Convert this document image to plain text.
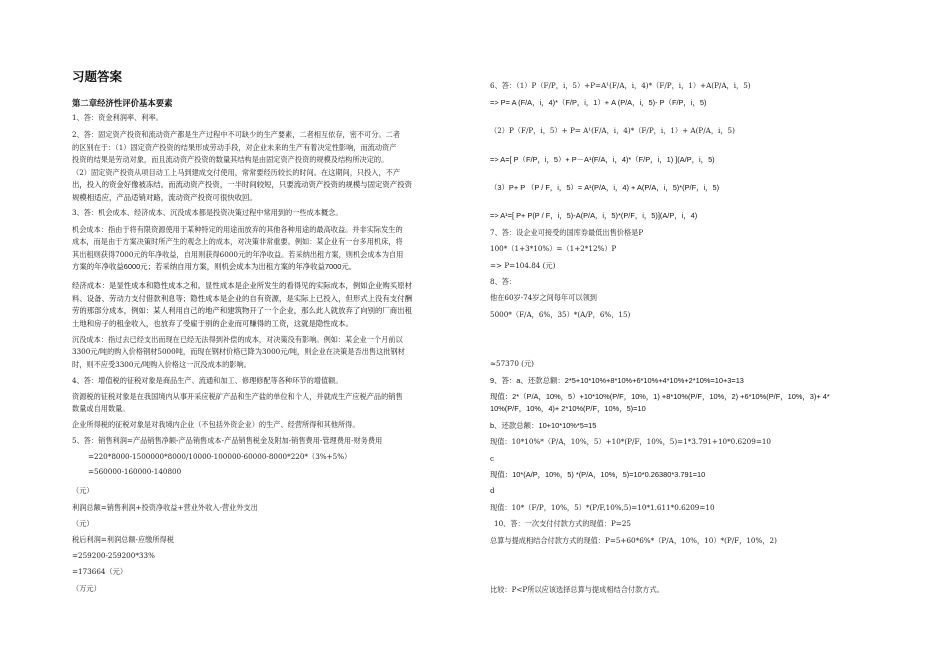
习题答案
第二章经济性评价基本要素
1、答：资金利润率、利率。
2、答：固定资产投资和流动资产都是生产过程中不可缺少的生产要素，二者相互依存，密不可分。二者
的区别在于：（1）固定资产投资的结果形成劳动手段，对企业未来的生产有着决定性影响，而流动资产
投资的结果是劳动对象，而且流动资产投资的数量其结构是由固定资产投资的规模及结构所决定的。
（2）固定资产投资从项目动工上马到建成交付使用，常常要经历较长的时间。在这期间，只投入，不产
出，投入的资金好像被冻结。而流动资产投资，一半时间较短，只要流动资产投资的规模与固定资产投资
规模相适应，产品适销对路，流动资产投资可很快收回。
3、答：机会成本、经济成本、沉没成本都是投资决策过程中常用到的一些成本概念。
机会成本：指由于将有限资源使用于某种特定的用途而放弃的其他各种用途的最高收益。并非实际发生的
成本，而是由于方案决策时所产生的观念上的成本，对决策非常重要。例如：某企业有一台多用机床，将
其出租则获得7000元的年净收益，自用则获得6000元的年净收益。若采纳出租方案，则机会成本为自用
方案的年净收益6000元；若采纳自用方案，则机会成本为出租方案的年净收益7000元。
经济成本：是显性成本和隐性成本之和。显性成本是企业所发生的看得见的实际成本，例如企业购买原材
料、设备、劳动力支付借款利息等；隐性成本是企业的自有资源，是实际上已投入，但形式上没有支付酬
劳的那部分成本，例如：某人利用自己的地产和建筑物开了一个企业，那么此人就放弃了向别的厂商出租
土地和房子的租金收入，也放弃了受雇于别的企业而可赚得的工资，这就是隐性成本。
沉没成本：指过去已经支出而现在已经无法得到补偿的成本，对决策没有影响。例如：某企业一个月前以
3300元/吨的购入价格钢材5000吨，而现在钢材价格已降为3000元/吨，则企业在决策是否出售这批钢材
时，则不应受3300元/吨购入价格这一沉没成本的影响。
4、答：增值税的征税对象是商品生产、流通和加工、修理修配等各种环节的增值额。
资源税的征税对象是在我国境内从事开采应税矿产品和生产盐的单位和个人，并就成生产应税产品的销售
数量或自用数量。
企业所得税的征税对象是对我境内企业（不包括外资企业）的生产、经营所得和其他所得。
5、答：销售利润=产品销售净额-产品销售成本-产品销售税金及附加-销售费用-管理费用-财务费用
=220*8000-1500000*8000/10000-100000-60000-8000*220*（3%+5%）
=560000-160000-140800
（元）
利润总额=销售利润+投资净收益+营业外收入-营业外支出
（元）
税后利润=利润总额-应缴所得税
=259200-259200*33%
=173664（元）
（万元）
6、答：（1）P（F/P，i，5）+P=A¹(F/A，i，4)*（F/P，i，1）+A(P/A，i，5)
=> P= A (F/A，i，4)*（F/P，i，1）+ A (P/A，i，5)- P（F/P，i，5)
（2）P（F/P，i，5）+ P= A¹(F/A，i，4)*（F/P，i，1）+ A(P/A，i，5)
=> A=[ P（F/P，i，5）+ P－A¹(F/A，i，4)*（F/P，i，1) ](A/P，i，5)
（3）P+ P （P / F，i，5）= A¹(P/A，i，4) + A(P/A，i，5)*(P/F，i，5)
=> A¹=[ P+ P(P / F，i，5)-A(P/A，i，5)*(P/F，i，5)](A/P，i，4)
7、答：设企业可接受的国库券最低出售价格是P
100*（1+3*10%）=（1+2*12%）P
=> P=104.84 (元)
8、答：
他在60岁-74岁之间每年可以领到
5000*（F/A，6%，35）*(A/P，6%，15)
≈57370 (元)
9、答：a、还款总额：2*5+10*10%+8*10%+6*10%+4*10%+2*10%=10+3=13
现值：2*（P/A，10%，5）+10*10%(P/F，10%，1) +8*10%(P/F，10%，2) +6*10%(P/F，10%，3)+ 4*
10%(P/F，10%，4)+ 2*10%(P/F，10%，5)=10
b、还款总额：10+10*10%*5=15
现值：10*10%*（P/A，10%，5）+10*(P/F，10%，5)=1*3.791+10*0.6209=10
c
现值：10*(A/P，10%，5) *(P/A，10%，5)=10*0.26380*3.791=10
d
现值：10*（F/P，10%，5）*(P/F,10%,5)=10*1.611*0.6209=10
10、答：一次支付付款方式的现值：P=25
总算与提成相结合付款方式的现值：P=5+60*6%*（P/A，10%，10）*(P/F，10%，2)
比较：P<P所以应该选择总算与提成相结合付款方式。
